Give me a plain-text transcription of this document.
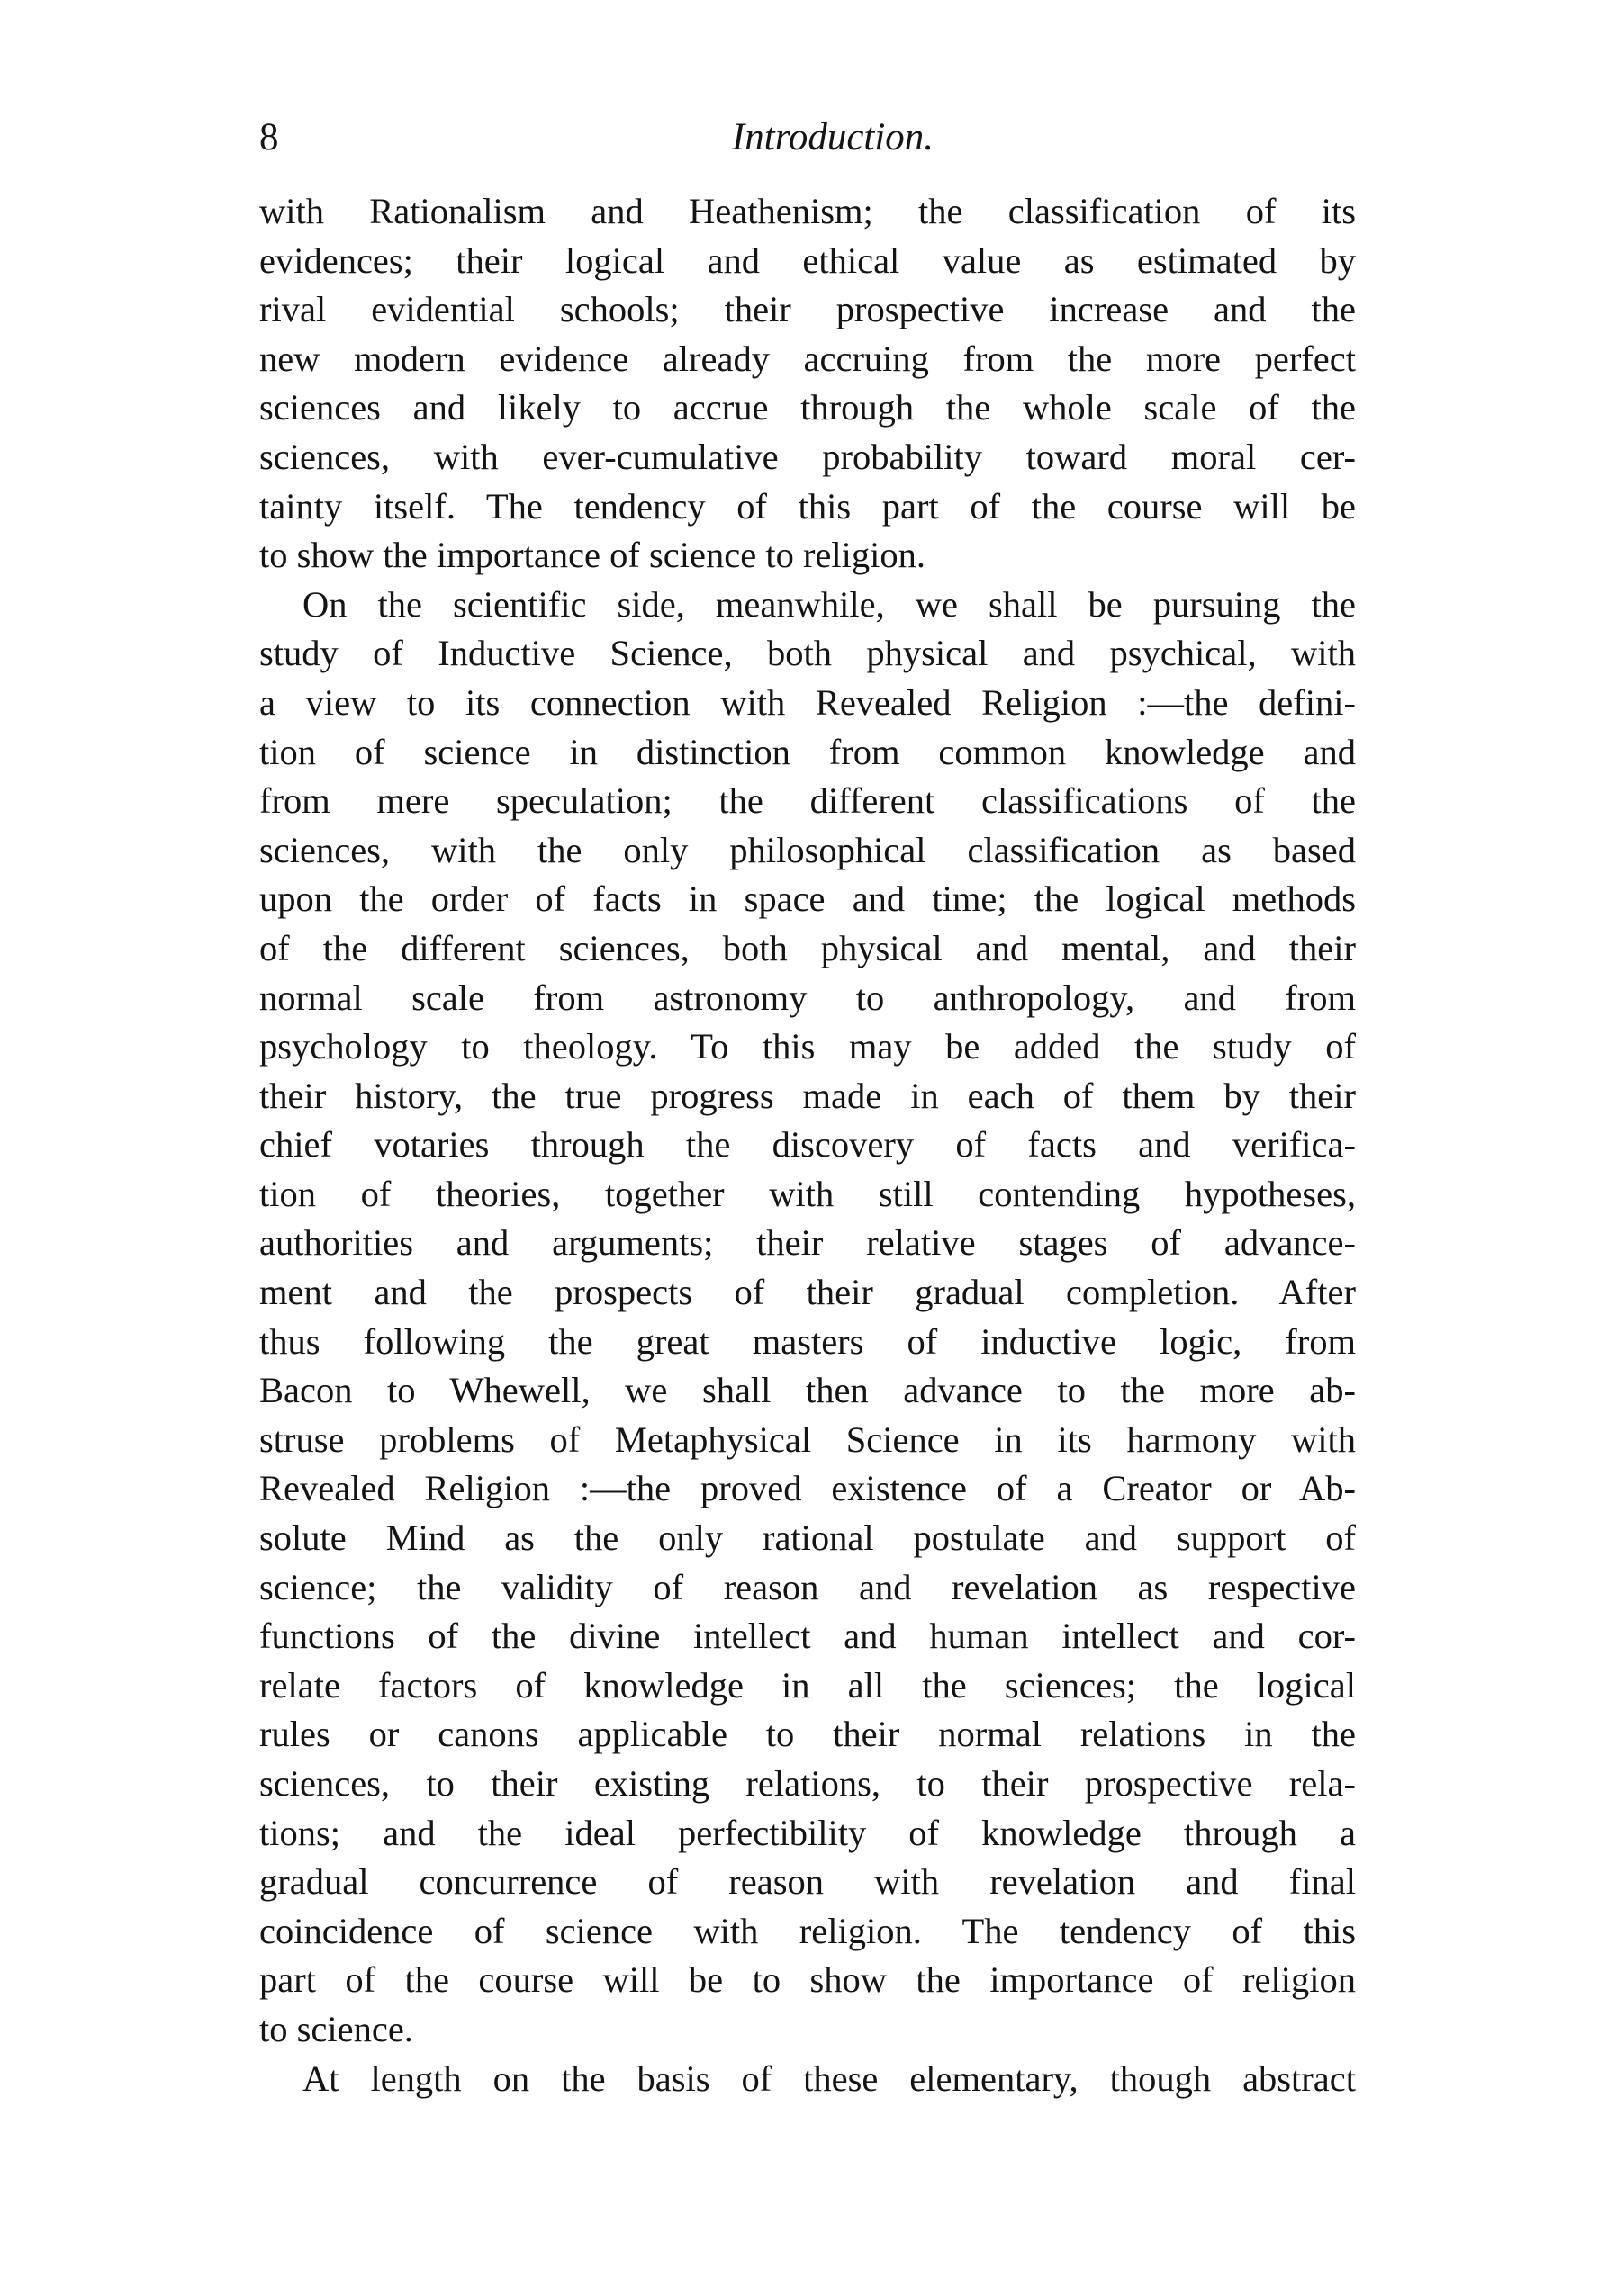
8	Introduction.
with Rationalism and Heathenism; the classification of its
evidences; their logical and ethical value as estimated by
rival evidential schools; their prospective increase and the
new modern evidence already accruing from the more perfect
sciences and likely to accrue through the whole scale of the
sciences, with ever-cumulative probability toward moral cer-
tainty itself. The tendency of this part of the course will be
to show the importance of science to religion.
On the scientific side, meanwhile, we shall be pursuing the
study of Inductive Science, both physical and psychical, with
a view to its connection with Revealed Religion :—the defini-
tion of science in distinction from common knowledge and
from mere speculation; the different classifications of the
sciences, with the only philosophical classification as based
upon the order of facts in space and time; the logical methods
of the different sciences, both physical and mental, and their
normal scale from astronomy to anthropology, and from
psychology to theology. To this may be added the study of
their history, the true progress made in each of them by their
chief votaries through the discovery of facts and verifica-
tion of theories, together with still contending hypotheses,
authorities and arguments; their relative stages of advance-
ment and the prospects of their gradual completion. After
thus following the great masters of inductive logic, from
Bacon to Whewell, we shall then advance to the more ab-
struse problems of Metaphysical Science in its harmony with
Revealed Religion :—the proved existence of a Creator or Ab-
solute Mind as the only rational postulate and support of
science; the validity of reason and revelation as respective
functions of the divine intellect and human intellect and cor-
relate factors of knowledge in all the sciences; the logical
rules or canons applicable to their normal relations in the
sciences, to their existing relations, to their prospective rela-
tions; and the ideal perfectibility of knowledge through a
gradual concurrence of reason with revelation and final
coincidence of science with religion. The tendency of this
part of the course will be to show the importance of religion
to science.
At length on the basis of these elementary, though abstract
